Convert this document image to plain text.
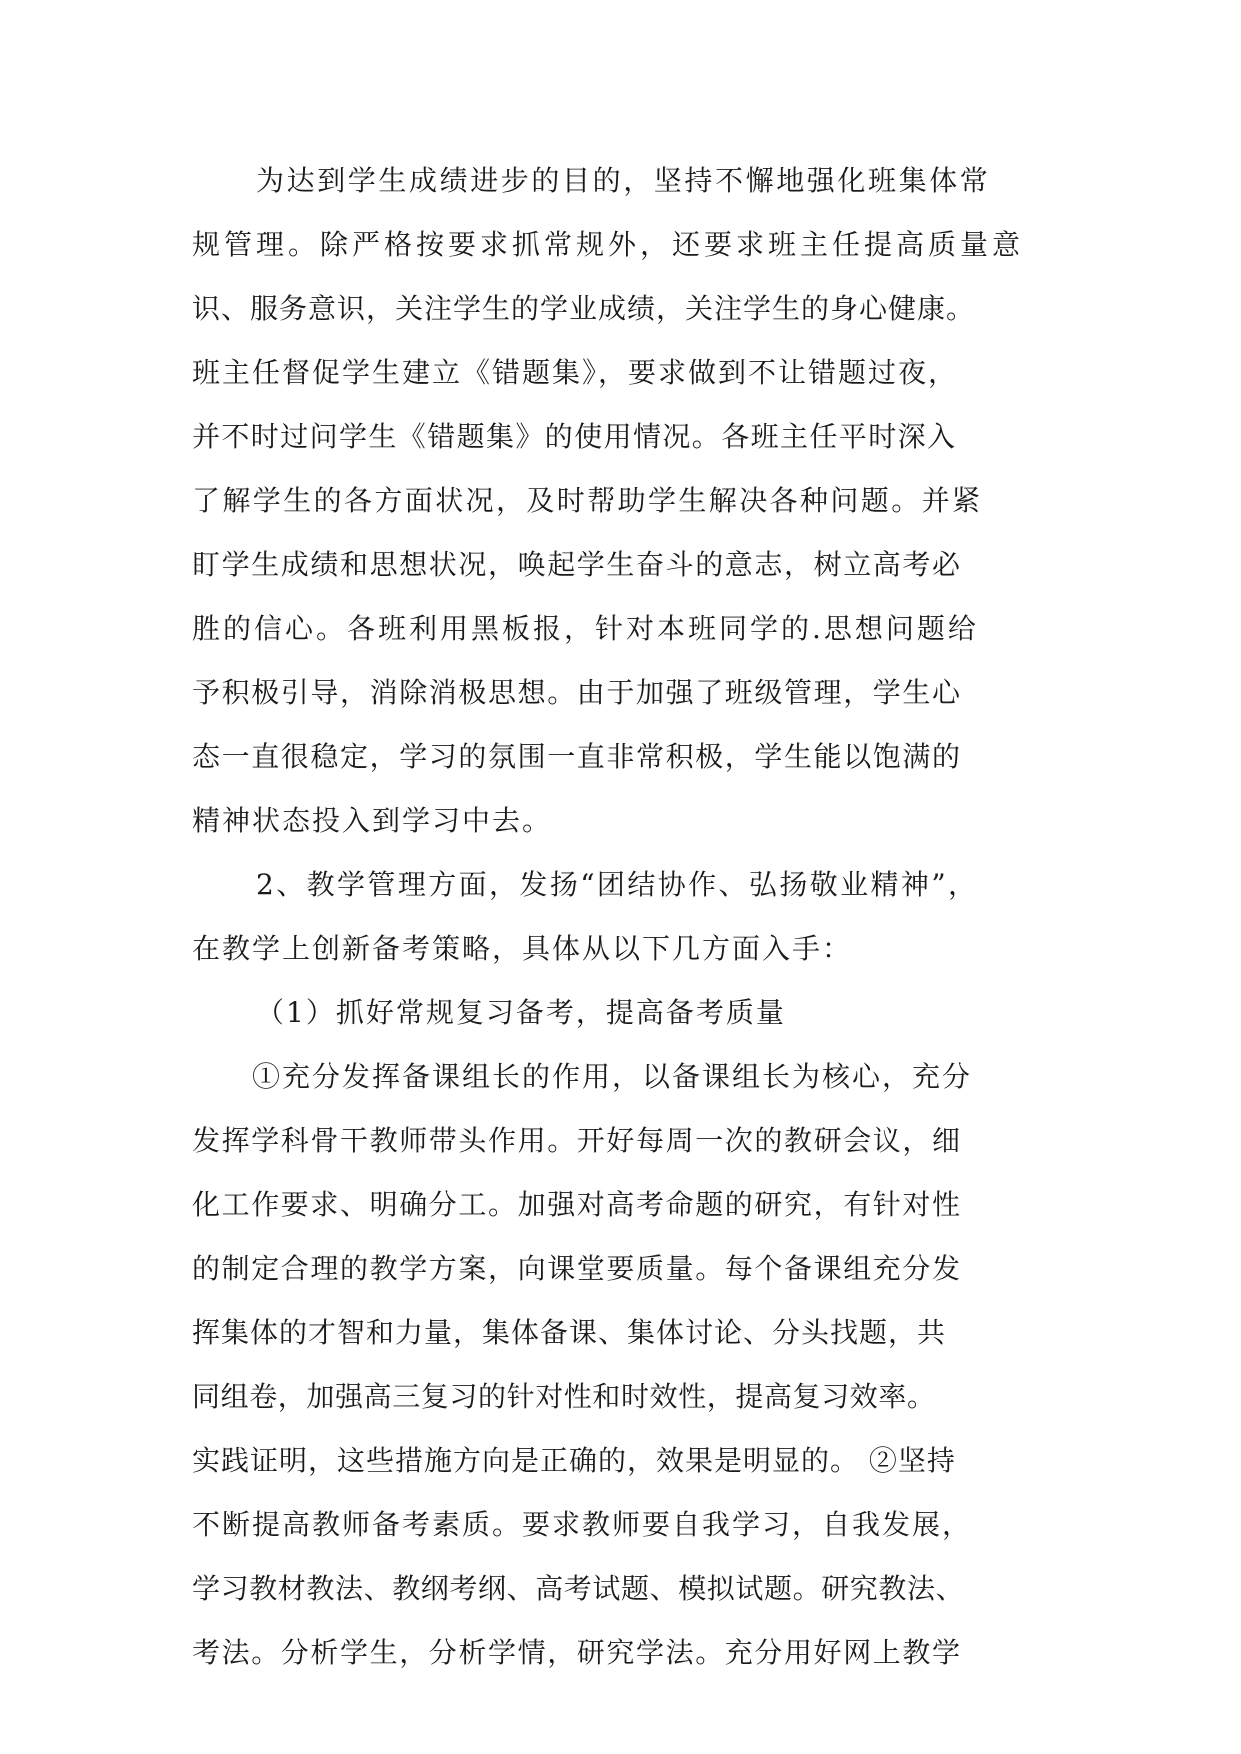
为达到学生成绩进步的目的，坚持不懈地强化班集体常
规管理。除严格按要求抓常规外，还要求班主任提高质量意
识、服务意识，关注学生的学业成绩，关注学生的身心健康。
班主任督促学生建立《错题集》，要求做到不让错题过夜，
并不时过问学生《错题集》的使用情况。各班主任平时深入
了解学生的各方面状况，及时帮助学生解决各种问题。并紧
盯学生成绩和思想状况，唤起学生奋斗的意志，树立高考必
胜的信心。各班利用黑板报，针对本班同学的.思想问题给
予积极引导，消除消极思想。由于加强了班级管理，学生心
态一直很稳定，学习的氛围一直非常积极，学生能以饱满的
精神状态投入到学习中去。
2、教学管理方面，发扬“团结协作、弘扬敬业精神”，
在教学上创新备考策略，具体从以下几方面入手：
（1）抓好常规复习备考，提高备考质量
①充分发挥备课组长的作用，以备课组长为核心，充分
发挥学科骨干教师带头作用。开好每周一次的教研会议，细
化工作要求、明确分工。加强对高考命题的研究，有针对性
的制定合理的教学方案，向课堂要质量。每个备课组充分发
挥集体的才智和力量，集体备课、集体讨论、分头找题，共
同组卷，加强高三复习的针对性和时效性，提高复习效率。
实践证明，这些措施方向是正确的，效果是明显的。 ②坚持
不断提高教师备考素质。要求教师要自我学习，自我发展，
学习教材教法、教纲考纲、高考试题、模拟试题。研究教法、
考法。分析学生，分析学情，研究学法。充分用好网上教学
